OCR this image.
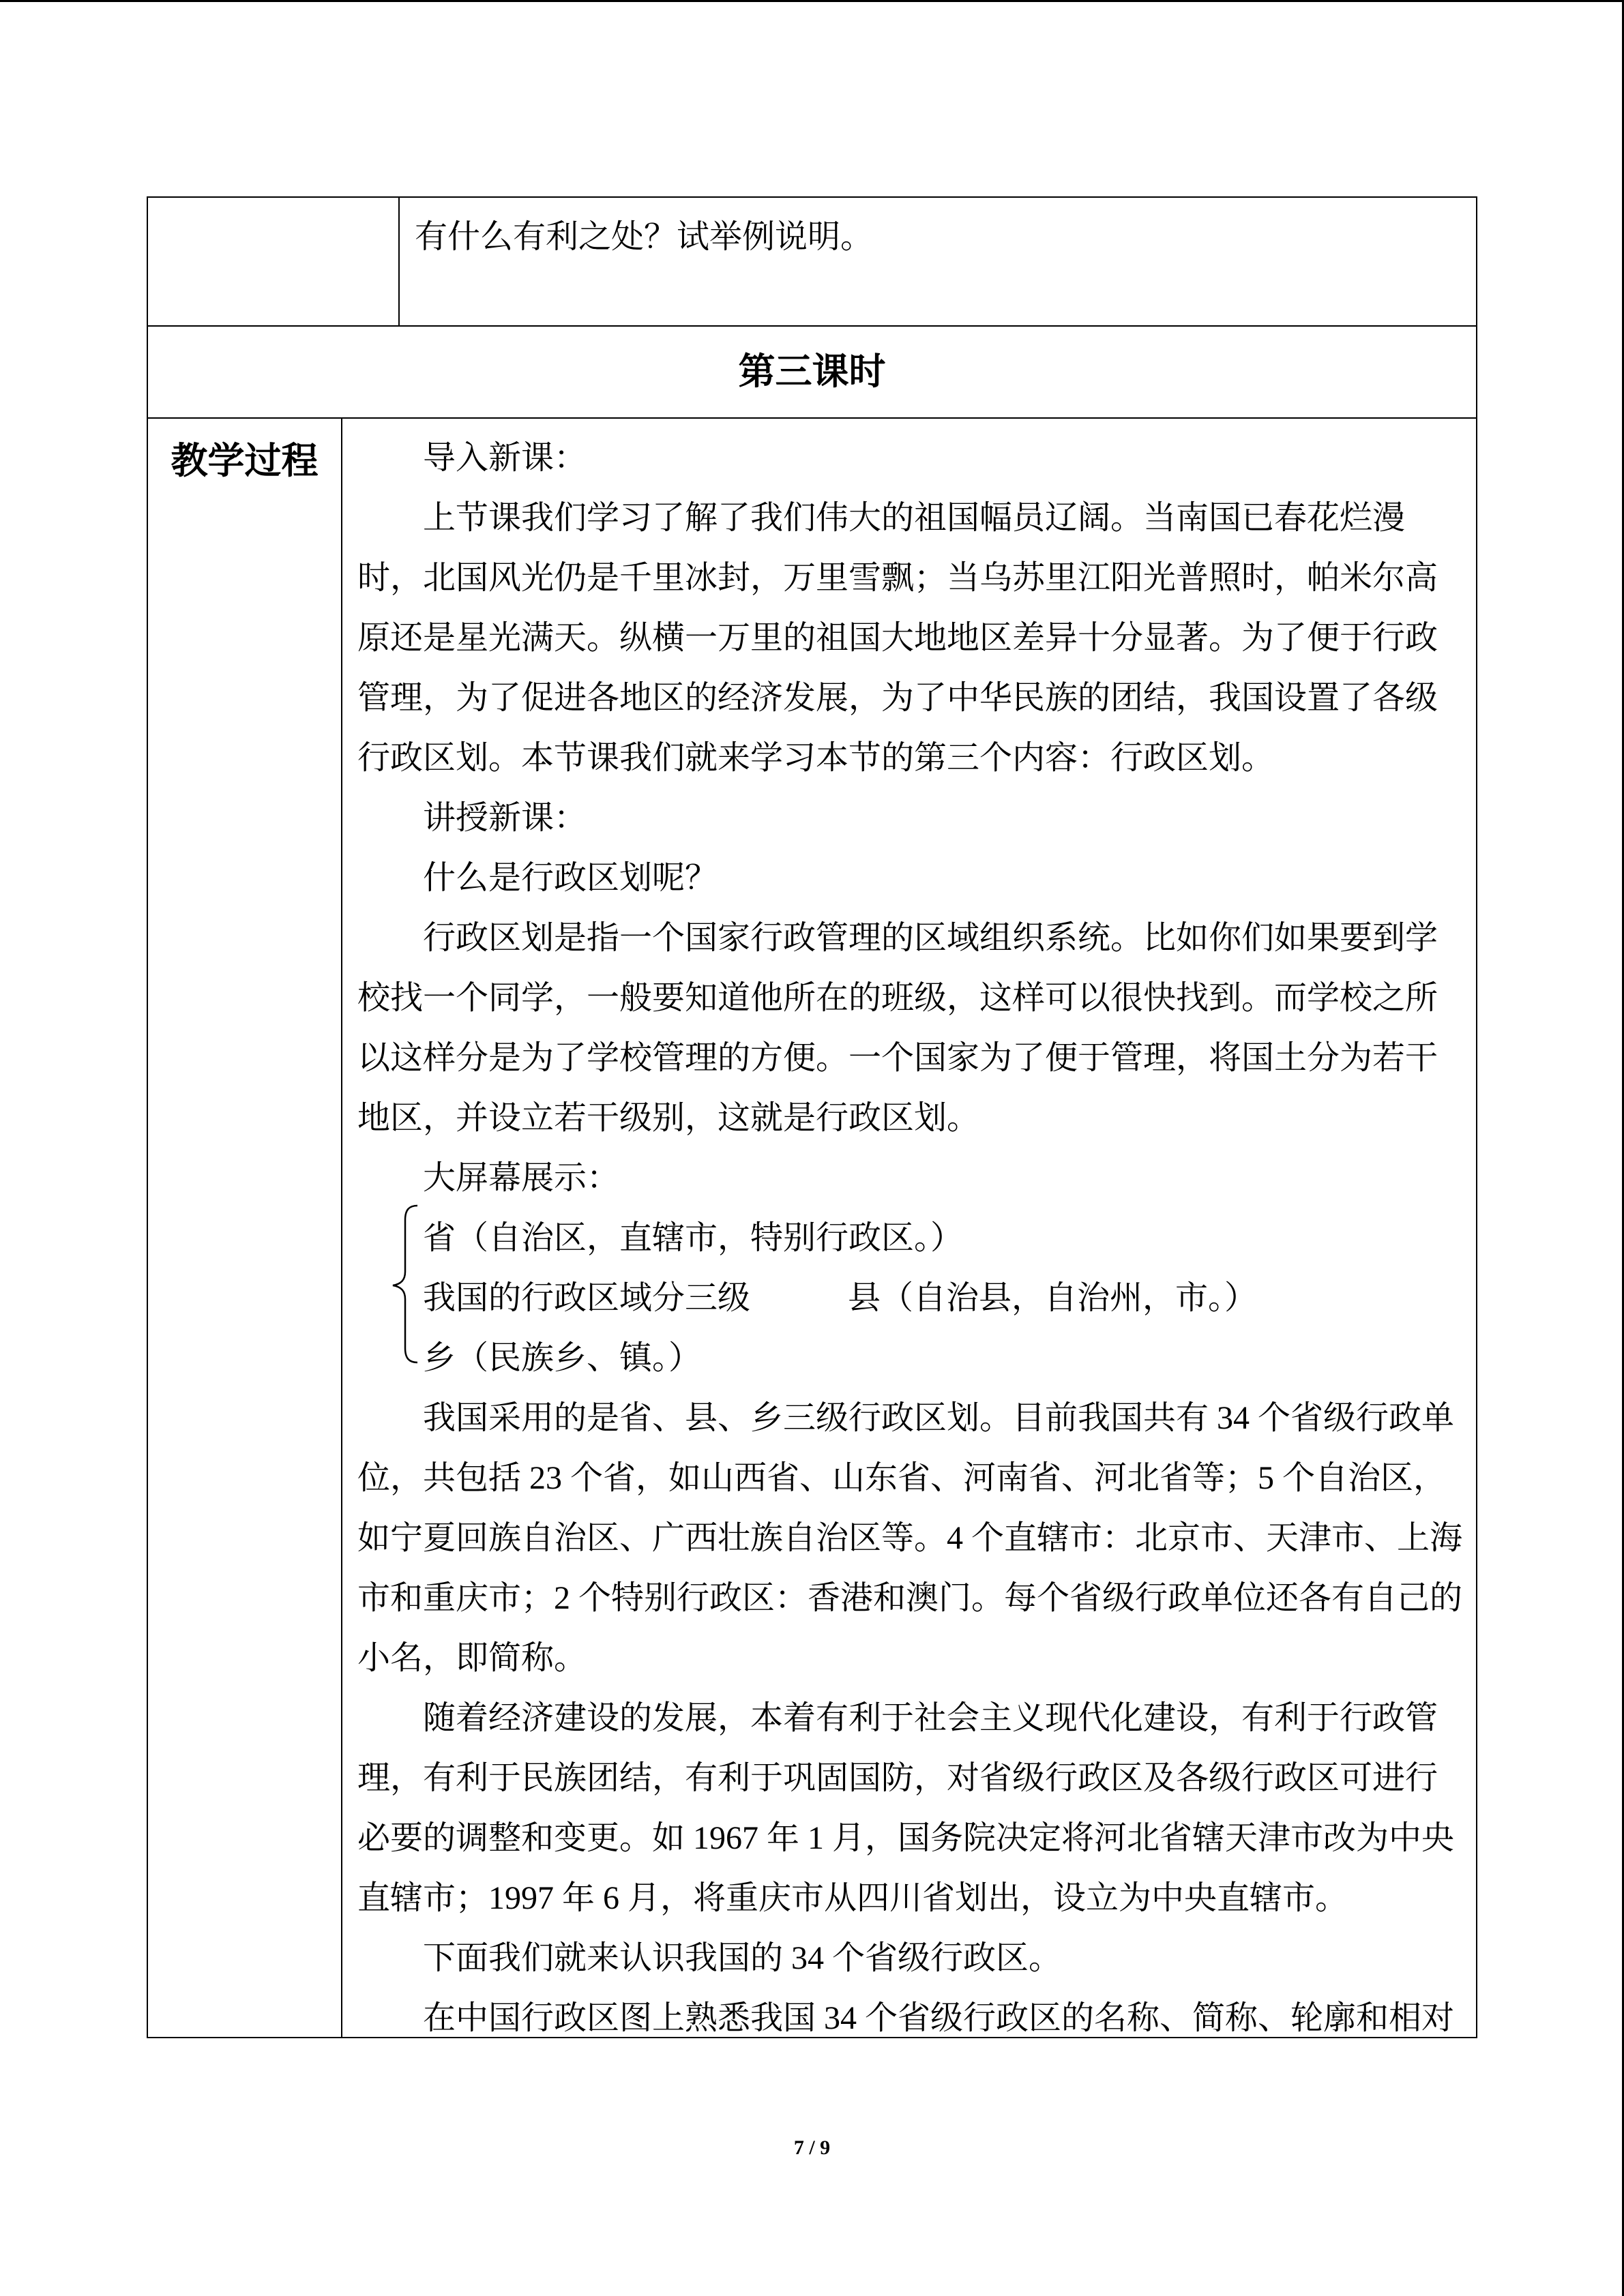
有什么有利之处？试举例说明。
第三课时
教学过程	导入新课：
上节课我们学习了解了我们伟大的祖国幅员辽阔。当南国已春花烂漫
时，北国风光仍是千里冰封，万里雪飘；当乌苏里江阳光普照时，帕米尔高
原还是星光满天。纵横一万里的祖国大地地区差异十分显著。为了便于行政
管理，为了促进各地区的经济发展，为了中华民族的团结，我国设置了各级
行政区划。本节课我们就来学习本节的第三个内容：行政区划。
讲授新课：
什么是行政区划呢？
行政区划是指一个国家行政管理的区域组织系统。比如你们如果要到学
校找一个同学，一般要知道他所在的班级，这样可以很快找到。而学校之所
以这样分是为了学校管理的方便。一个国家为了便于管理，将国土分为若干
地区，并设立若干级别，这就是行政区划。
大屏幕展示：
省（自治区，直辖市，特别行政区。）
我国的行政区域分三级	县（自治县，自治州，市。）
乡（民族乡、镇。）
我国采用的是省、县、乡三级行政区划。目前我国共有 34 个省级行政单
位，共包括 23 个省，如山西省、山东省、河南省、河北省等；5 个自治区，
如宁夏回族自治区、广西壮族自治区等。4 个直辖市：北京市、天津市、上海
市和重庆市；2 个特别行政区：香港和澳门。每个省级行政单位还各有自己的
小名，即简称。
随着经济建设的发展，本着有利于社会主义现代化建设，有利于行政管
理，有利于民族团结，有利于巩固国防，对省级行政区及各级行政区可进行
必要的调整和变更。如 1967 年 1 月，国务院决定将河北省辖天津市改为中央
直辖市；1997 年 6 月，将重庆市从四川省划出，设立为中央直辖市。
下面我们就来认识我国的 34 个省级行政区。
在中国行政区图上熟悉我国 34 个省级行政区的名称、简称、轮廓和相对
7 / 9
